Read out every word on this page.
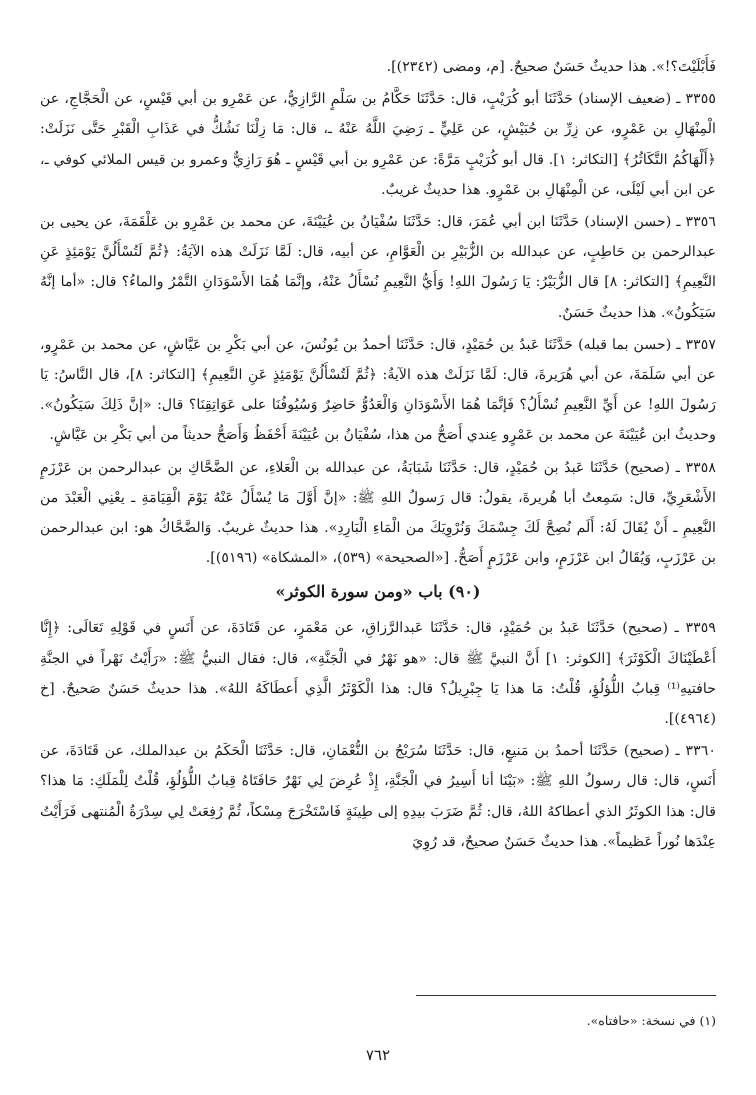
فَأَبْلَيْتَ؟!». هذا حديثٌ حَسَنٌ صحيحٌ. [م، ومضى (٢٣٤٢)].

٣٣٥٥ ـ (ضعيف الإسناد) حَدَّثَنَا أبو كُرَيْبٍ، قال: حَدَّثَنَا حَكَّامُ بن سَلْمٍ الرَّازِيُّ، عن عَمْرِو بن أبي قَيْسٍ، عن الْحَجَّاجِ، عن الْمِنْهَالِ بن عَمْرٍو، عن زِرِّ بن حُبَيْشٍ، عن عَلِيٍّ ـ رَضِيَ اللَّهُ عَنْهُ ـ، قال: مَا زِلْنَا نَشُكُّ في عَذَابِ الْقَبْرِ حَتَّى نَزَلَتْ: ﴿أَلْهَاكُمُ التَّكَاثُرُ﴾ [التكاثر: ١]. قال أبو كُرَيْبٍ مَرَّةً: عن عَمْرِو بن أبي قَيْسٍ ـ هُوَ رَازِيٌّ وعمرو بن قيس الملائي كوفي ـ، عن ابن أبي لَيْلَى، عن الْمِنْهَالِ بن عَمْرٍو. هذا حديثٌ غريبٌ.

٣٣٥٦ ـ (حسن الإسناد) حَدَّثَنَا ابن أبي عُمَرَ، قال: حَدَّثَنَا سُفْيَانُ بن عُيَيْنَةَ، عن محمد بن عَمْرِو بن عَلْقَمَةَ، عن يحيى بن عبدالرحمن بن حَاطِبٍ، عن عبدالله بن الزُّبَيْرِ بن الْعَوَّامِ، عن أبيه، قال: لَمَّا نَزَلَتْ هذه الآيَةُ: ﴿ثُمَّ لَتُسْأَلُنَّ يَوْمَئِذٍ عَنِ النَّعِيمِ﴾ [التكاثر: ٨] قال الزُّبَيْرُ: يَا رَسُولَ اللهِ! وَأَيُّ النَّعِيمِ نُسْأَلُ عَنْهُ، وإنَّمَا هُمَا الأَسْوَدَانِ التَّمْرُ والماءُ؟ قال: «أما إنَّهُ سَيَكُونُ». هذا حديثٌ حَسَنٌ.

٣٣٥٧ ـ (حسن بما قبله) حَدَّثَنَا عَبدُ بن حُمَيْدٍ، قال: حَدَّثَنَا أحمدُ بن يُونُسَ، عن أبي بَكْرِ بن عَيَّاشٍ، عن محمد بن عَمْرٍو، عن أبي سَلَمَةَ، عن أبي هُرَيرةَ، قال: لَمَّا نَزَلَتْ هذه الآيةُ: ﴿ثُمَّ لَتُسْأَلُنَّ يَوْمَئِذٍ عَنِ النَّعِيمِ﴾ [التكاثر: ٨]، قال النَّاسُ: يَا رَسُولَ اللهِ! عن أَيِّ النَّعِيمِ نُسْأَلُ؟ فَإنَّمَا هُمَا الأَسْوَدَانِ وَالْعَدُوُّ حَاضِرٌ وَسُيُوفُنَا على عَوَاتِقِنَا؟ قال: «إنَّ ذَلِكَ سَيَكُونُ». وحديثُ ابن عُيَيْنَةَ عن محمد بن عَمْرٍو عِندي أَصَحُّ من هذا، سُفْيَانُ بن عُيَيْنَةَ أَحْفَظُ وَأَصَحُّ حديثاً من أبي بَكْرِ بن عَيَّاشٍ.

٣٣٥٨ ـ (صحيح) حَدَّثَنَا عَبدُ بن حُمَيْدٍ، قال: حَدَّثَنَا شَبَابَةُ، عن عبدالله بن الْعَلاءِ، عن الضَّحَّاكِ بن عبدالرحمن بن عَرْزَمٍ الأَشْعَرِيِّ، قال: سَمِعتُ أبا هُريرةَ، يقولُ: قال رَسولُ اللهِ ﷺ: «إنَّ أَوَّلَ مَا يُسْأَلُ عَنْهُ يَوْمَ الْقِيَامَةِ ـ يعْنِي الْعَبْدَ من النَّعِيمِ ـ أَنْ يُقَالَ لَهُ: أَلَم نُصِحَّ لَكَ جِسْمَكَ وَنُرْوِيَكَ من الْمَاءِ الْبَارِدِ». هذا حديثٌ غريبٌ. وَالضَّحَّاكُ هو: ابن عبدالرحمن بن عَرْزَبٍ، وَيُقَالُ ابن عَرْزَمٍ، وابن عَرْزَمٍ أَصَحُّ. [«الصحيحة» (٥٣٩)، «المشكاة» (٥١٩٦)].

(٩٠) باب «ومن سورة الكوثر»

٣٣٥٩ ـ (صحيح) حَدَّثَنَا عَبدُ بن حُمَيْدٍ، قال: حَدَّثَنَا عَبدالرَّزاقِ، عن مَعْمَرٍ، عن قَتَادَةَ، عن أَنَسٍ في قَوْلِهِ تَعَالَى: ﴿إِنَّا أَعْطَيْنَاكَ الْكَوْثَرَ﴾ [الكوثر: ١] أَنَّ النبيَّ ﷺ قال: «هو نَهْرٌ في الْجَنَّةِ»، قال: فقال النبيُّ ﷺ: «رَأَيْتُ نَهْراً في الجنَّةِ حافتيهِ⁽¹⁾ قِبابُ اللُّؤلُؤِ، قُلْتُ: مَا هذا يَا جِبْرِيلُ؟ قال: هذا الْكَوْثَرُ الَّذِي أَعطَاكَهُ اللهُ». هذا حديثٌ حَسَنٌ صَحيحٌ. [خ (٤٩٦٤)].

٣٣٦٠ ـ (صحيح) حَدَّثَنَا أحمدُ بن مَنيعٍ، قال: حَدَّثَنَا سُرَيْجُ بن النُّعْمَانِ، قال: حَدَّثَنَا الْحَكَمُ بن عبدالملك، عن قَتَادَةَ، عن أَنَسٍ، قال: قال رسولُ اللهِ ﷺ: «بَيْنَا أنا أَسِيرُ في الْجَنَّةِ، إِذْ عُرِضَ لِي نَهْرٌ حَافَتَاهُ قِبابُ اللُّؤلُؤِ، قُلْتُ لِلْمَلَكِ: مَا هذا؟ قال: هذا الكوثَرُ الذي أعطاكهُ اللهُ، قال: ثُمَّ ضَرَبَ بيدِهِ إلى طِينَةٍ فَاسْتَخْرَجَ مِسْكاً، ثُمَّ رُفِعَتْ لِي سِدْرَةُ الْمُنتهى فَرَأَيْتُ عِنْدَها نُوراً عَظيماً». هذا حديثٌ حَسَنٌ صحيحٌ، قد رُوِيَ

(١) في نسخة: «حافتاه».
٧٦٢
